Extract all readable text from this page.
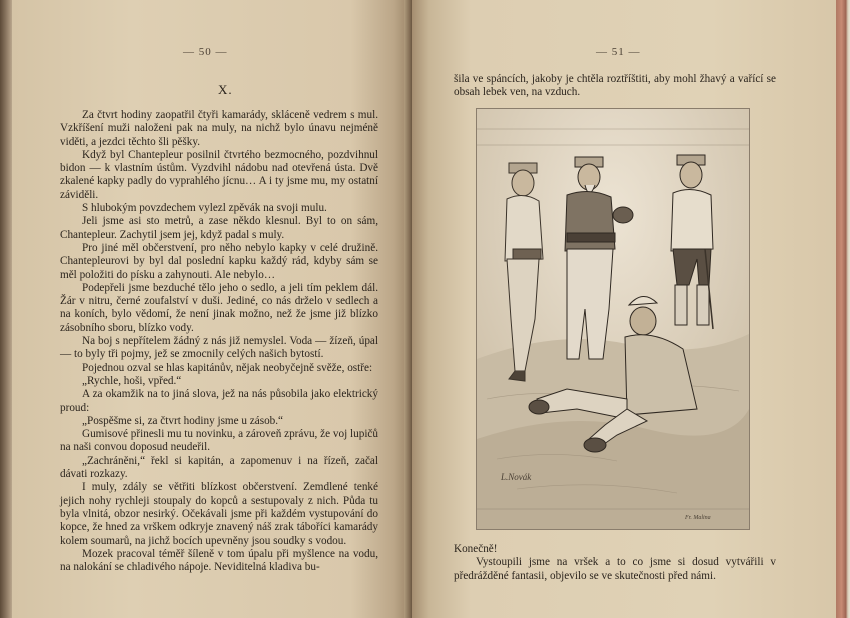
— 50 —
X.

Za čtvrt hodiny zaopatřil čtyři kamarády, skláceně vedrem s mul. Vzkříšení muži naloženi pak na muly, na nichž bylo únavu nejméně viděti, a jezdci těchto šli pěšky.

Když byl Chantepleur posilnil čtvrtého bezmocného, pozdvihnul bidon — k vlastním ústům. Vyzdvihl nádobu nad otevřená ústa. Dvě zkalené kapky padly do vyprahlého jícnu… A i ty jsme mu, my ostatní záviděli.

S hlubokým povzdechem vylezl zpěvák na svoji mulu.

Jeli jsme asi sto metrů, a zase někdo klesnul. Byl to on sám, Chantepleur. Zachytil jsem jej, když padal s muly.

Pro jiné měl občerstvení, pro něho nebylo kapky v celé družině. Chantepleurovi by byl dal poslední kapku každý rád, kdyby sám se měl položiti do písku a zahynouti. Ale nebylo…

Podepřeli jsme bezduché tělo jeho o sedlo, a jeli tím peklem dál. Žár v nitru, černé zoufalství v duši. Jediné, co nás drželo v sedlech a na koních, bylo vědomí, že není jinak možno, než že jsme již blízko zásobního sboru, blízko vody.

Na boj s nepřítelem žádný z nás již nemyslel. Voda — žízeň, úpal — to byly tři pojmy, jež se zmocnily celých našich bytostí.

Pojednou ozval se hlas kapitánův, nějak neobyčejně svěže, ostře:

„Rychle, hoši, vpřed.“

A za okamžik na to jiná slova, jež na nás působila jako elektrický proud:

„Pospěšme si, za čtvrt hodiny jsme u zásob.“

Gumisové přinesli mu tu novinku, a zároveň zprávu, že voj lupičů na naši convou doposud neudeřil.

„Zachráněni,“ řekl si kapitán, a zapomenuv i na řízeň, začal dávati rozkazy.

I muly, zdály se větřiti blízkost občerstvení. Zemdlené tenké jejich nohy rychleji stoupaly do kopců a sestupovaly z nich. Půda tu byla vlnitá, obzor nesirký. Očekávali jsme při každém vystupování do kopce, že hned za vrškem odkryje znavený náš zrak táboříci kamarády kolem soumarů, na jichž bocích upevněny jsou soudky s vodou.

Mozek pracoval téměř šíleně v tom úpalu při myšlence na vodu, na nalokání se chladivého nápoje. Neviditelná kladiva bu-

— 51 —

šila ve spáncích, jakoby je chtěla roztříštiti, aby mohl žhavý a vařící se obsah lebek ven, na vzduch.

L.Novák
Fr. Malina

Konečně!

Vystoupili jsme na vršek a to co jsme si dosud vytvářili v předrážděné fantasii, objevilo se ve skutečnosti před námi.
